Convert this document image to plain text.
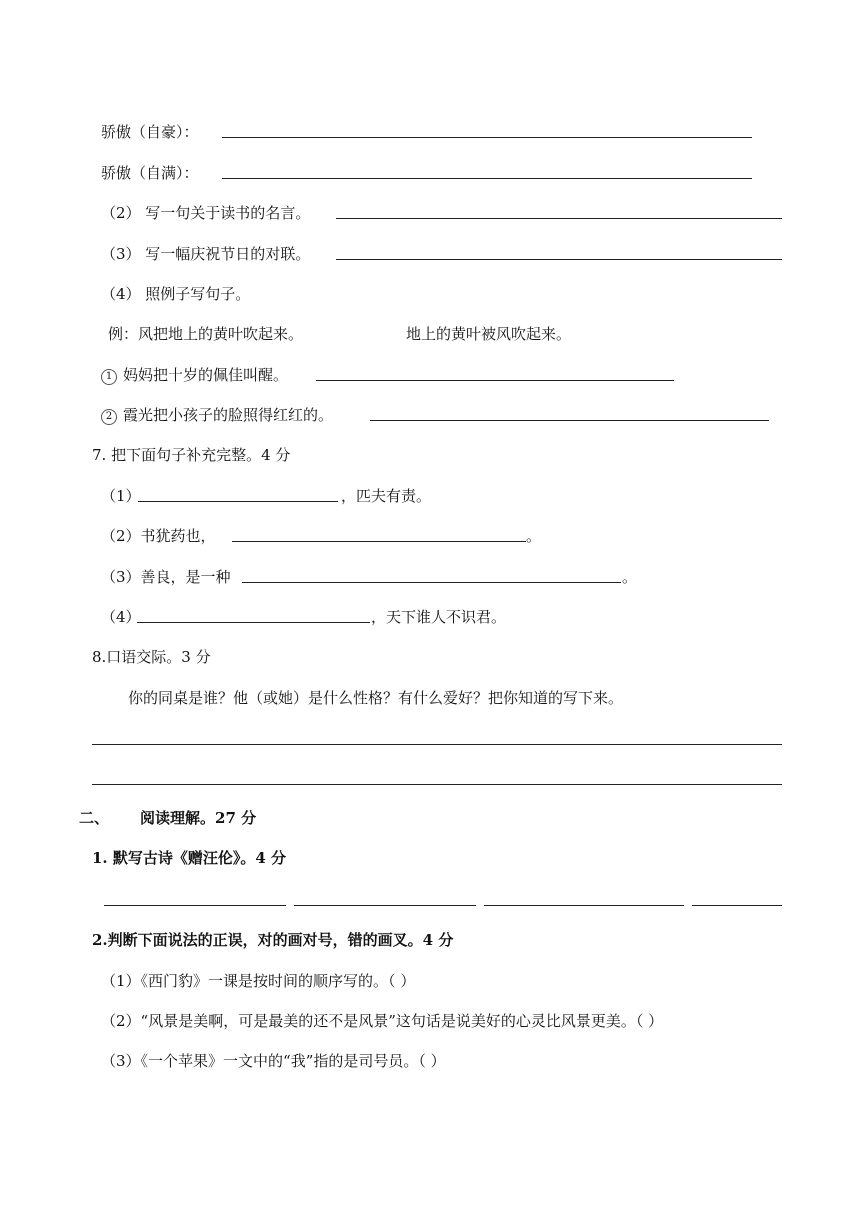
骄傲（自豪）：
骄傲（自满）：
（2） 写一句关于读书的名言。
（3） 写一幅庆祝节日的对联。
（4） 照例子写句子。
例：风把地上的黄叶吹起来。	地上的黄叶被风吹起来。
1 妈妈把十岁的佩佳叫醒。
2 霞光把小孩子的脸照得红红的。
7. 把下面句子补充完整。4 分
（1）	，匹夫有责。
（2）书犹药也，	。
（3）善良，是一种	。
（4）	，天下谁人不识君。
8.口语交际。3 分
你的同桌是谁？他（或她）是什么性格？有什么爱好？把你知道的写下来。
二、 阅读理解。27 分
1. 默写古诗《赠汪伦》。4 分
2.判断下面说法的正误，对的画对号，错的画叉。4 分
（1）《西门豹》一课是按时间的顺序写的。（ ）
（2）“风景是美啊，可是最美的还不是风景”这句话是说美好的心灵比风景更美。（ ）
（3）《一个苹果》一文中的“我”指的是司号员。（ ）
